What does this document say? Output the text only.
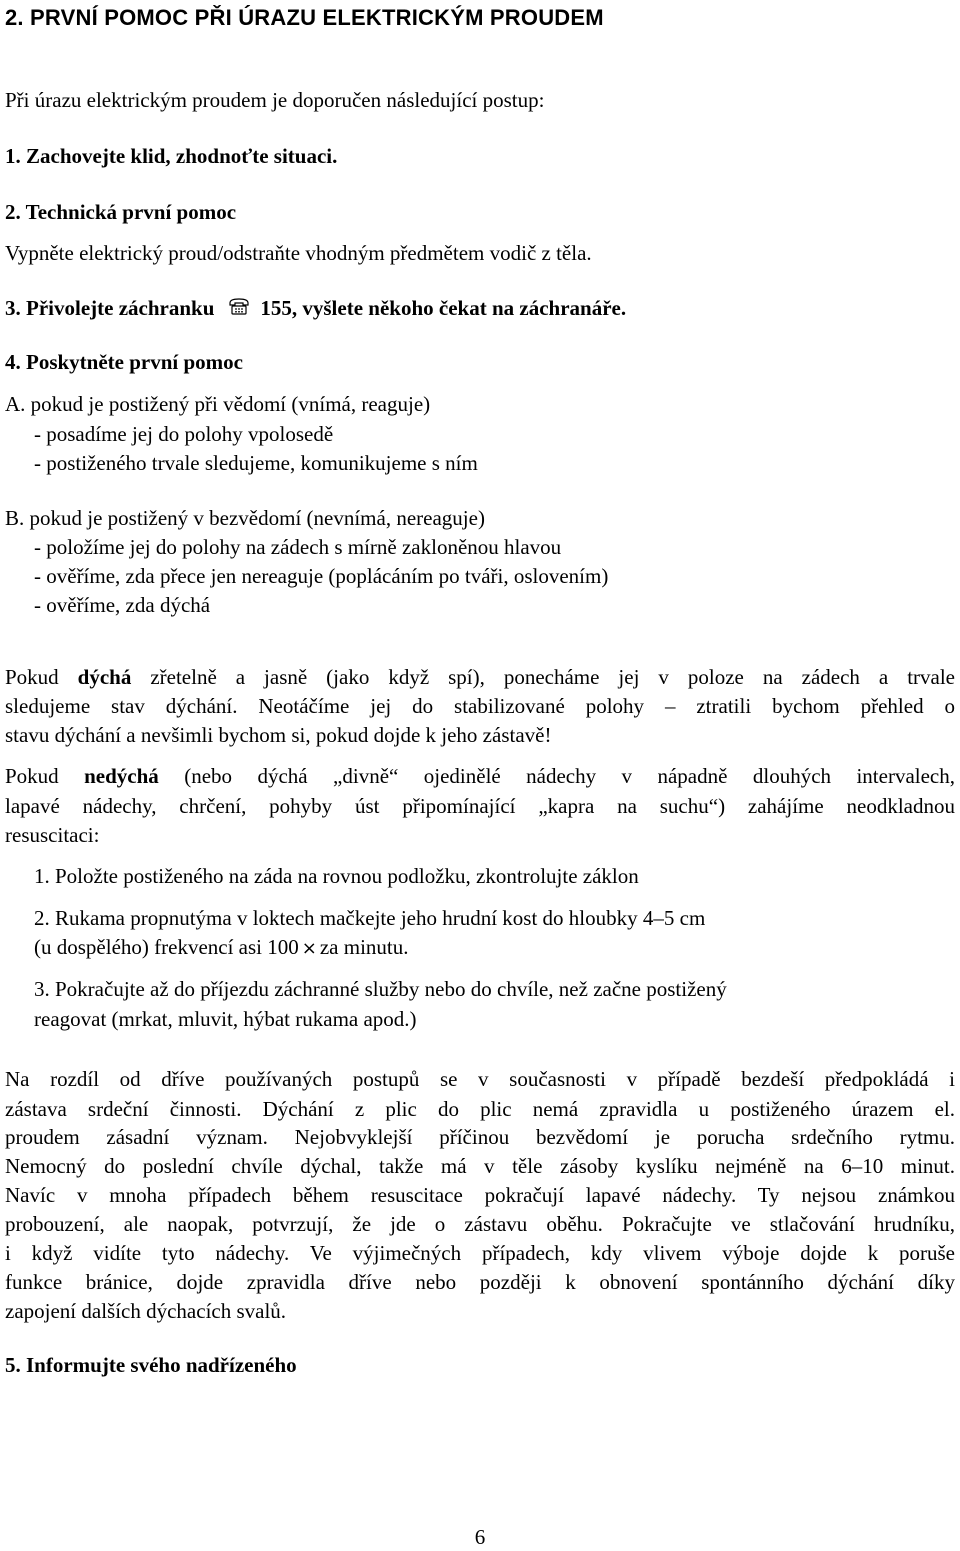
2. PRVNÍ POMOC PŘI ÚRAZU ELEKTRICKÝM PROUDEM
Při úrazu elektrickým proudem je doporučen následující postup:
1. Zachovejte klid, zhodnoťte situaci.
2. Technická první pomoc
Vypněte elektrický proud/odstraňte vhodným předmětem vodič z těla.
3. Přivolejte záchranku 155, vyšlete někoho čekat na záchranáře.
4. Poskytněte první pomoc
A. pokud je postižený při vědomí (vnímá, reaguje)
- posadíme jej do polohy vpolosedě
- postiženého trvale sledujeme, komunikujeme s ním
B. pokud je postižený v bezvědomí (nevnímá, nereaguje)
- položíme jej do polohy na zádech s mírně zakloněnou hlavou
- ověříme, zda přece jen nereaguje (poplácáním po tváři, oslovením)
- ověříme, zda dýchá
Pokud dýchá zřetelně a jasně (jako když spí), ponecháme jej v poloze na zádech a trvale
sledujeme stav dýchání. Neotáčíme jej do stabilizované polohy – ztratili bychom přehled o
stavu dýchání a nevšimli bychom si, pokud dojde k jeho zástavě!
Pokud nedýchá (nebo dýchá „divně“ ojedinělé nádechy v nápadně dlouhých intervalech,
lapavé nádechy, chrčení, pohyby úst připomínající „kapra na suchu“) zahájíme neodkladnou
resuscitaci:
1. Položte postiženého na záda na rovnou podložku, zkontrolujte záklon
2. Rukama propnutýma v loktech mačkejte jeho hrudní kost do hloubky 4–5 cm
(u dospělého) frekvencí asi 100 × za minutu.
3. Pokračujte až do příjezdu záchranné služby nebo do chvíle, než začne postižený
reagovat (mrkat, mluvit, hýbat rukama apod.)
Na rozdíl od dříve používaných postupů se v současnosti v případě bezdeší předpokládá i
zástava srdeční činnosti. Dýchání z plic do plic nemá zpravidla u postiženého úrazem el.
proudem zásadní význam. Nejobvyklejší příčinou bezvědomí je porucha srdečního rytmu.
Nemocný do poslední chvíle dýchal, takže má v těle zásoby kyslíku nejméně na 6–10 minut.
Navíc v mnoha případech během resuscitace pokračují lapavé nádechy. Ty nejsou známkou
probouzení, ale naopak, potvrzují, že jde o zástavu oběhu. Pokračujte ve stlačování hrudníku,
i když vidíte tyto nádechy. Ve výjimečných případech, kdy vlivem výboje dojde k poruše
funkce bránice, dojde zpravidla dříve nebo později k obnovení spontánního dýchání díky
zapojení dalších dýchacích svalů.
5. Informujte svého nadřízeného
6
